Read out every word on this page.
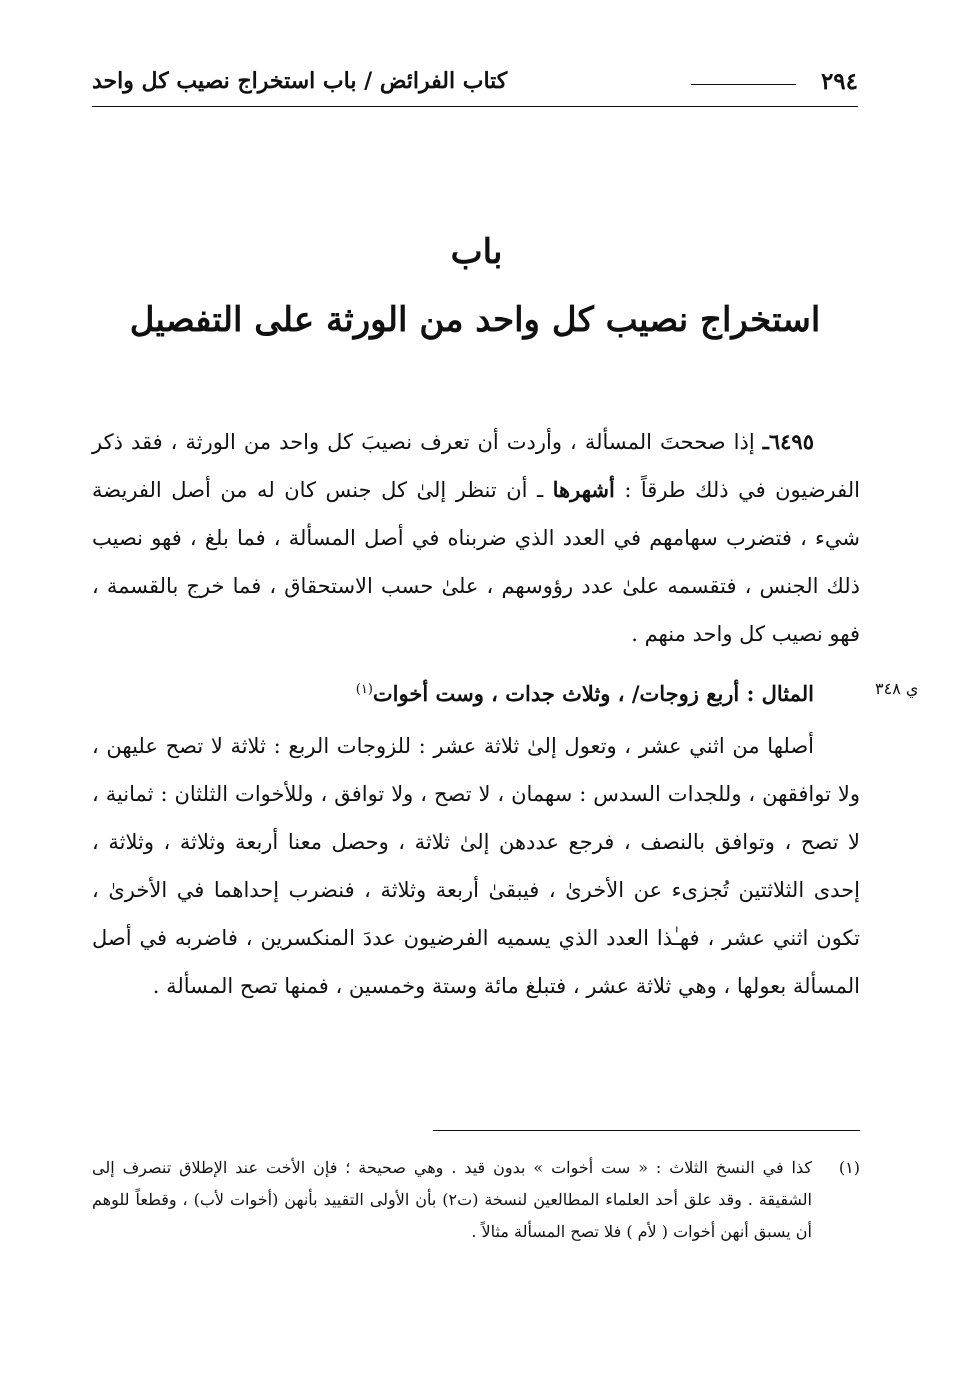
٢٩٤
كتاب الفرائض / باب استخراج نصيب كل واحد
باب
استخراج نصيب كل واحد من الورثة على التفصيل
٦٤٩٥ـ إذا صححتَ المسألة ، وأردت أن تعرف نصيبَ كل واحد من الورثة ، فقد ذكر الفرضيون في ذلك طرقاً : أشهرها ـ أن تنظر إلىٰ كل جنس كان له من أصل الفريضة شيء ، فتضرب سهامهم في العدد الذي ضربناه في أصل المسألة ، فما بلغ ، فهو نصيب ذلك الجنس ، فتقسمه علىٰ عدد رؤوسهم ، علىٰ حسب الاستحقاق ، فما خرج بالقسمة ، فهو نصيب كل واحد منهم .
المثال : أربع زوجات/ ، وثلاث جدات ، وست أخوات$^{(١)}$	ي ٣٤٨
أصلها من اثني عشر ، وتعول إلىٰ ثلاثة عشر : للزوجات الربع : ثلاثة لا تصح عليهن ، ولا توافقهن ، وللجدات السدس : سهمان ، لا تصح ، ولا توافق ، وللأخوات الثلثان : ثمانية ، لا تصح ، وتوافق بالنصف ، فرجع عددهن إلىٰ ثلاثة ، وحصل معنا أربعة وثلاثة ، وثلاثة ، إحدى الثلاثتين تُجزىء عن الأخرىٰ ، فيبقىٰ أربعة وثلاثة ، فنضرب إحداهما في الأخرىٰ ، تكون اثني عشر ، فهـٰذا العدد الذي يسميه الفرضيون عددَ المنكسرين ، فاضربه في أصل المسألة بعولها ، وهي ثلاثة عشر ، فتبلغ مائة وستة وخمسين ، فمنها تصح المسألة .
(١)
كذا في النسخ الثلاث : « ست أخوات » بدون قيد . وهي صحيحة ؛ فإن الأخت عند الإطلاق تنصرف إلى الشقيقة . وقد علق أحد العلماء المطالعين لنسخة (ت٢) بأن الأولى التقييد بأنهن (أخوات لأب) ، وقطعاً للوهم أن يسبق أنهن أخوات ( لأم ) فلا تصح المسألة مثالاً .
